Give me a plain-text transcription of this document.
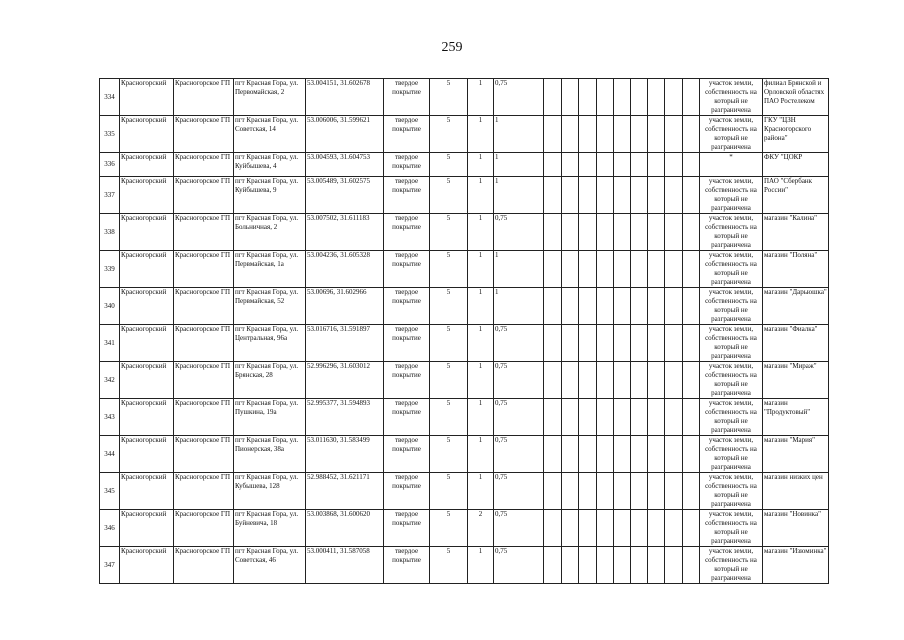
259
334	Красногорский	Красногорское ГП	пгт Красная Гора, ул. Первомайская, 2	53.004151, 31.602678	твердое покрытие	5	1	0,75										участок земли, собственность на который не разграничена	филиал Брянской и Орловской областях ПАО Ростелеком
335	Красногорский	Красногорское ГП	пгт Красная Гора, ул. Советская, 14	53.006006, 31.599621	твердое покрытие	5	1	1										участок земли, собственность на который не разграничена	ГКУ "ЦЗН Красногорского района"
336	Красногорский	Красногорское ГП	пгт Красная Гора, ул. Куйбышева, 4	53.004593, 31.604753	твердое покрытие	5	1	1										*	ФКУ "ЦОКР
337	Красногорский	Красногорское ГП	пгт Красная Гора, ул. Куйбышева, 9	53.005489, 31.602575	твердое покрытие	5	1	1										участок земли, собственность на который не разграничена	ПАО "Сбербанк России"
338	Красногорский	Красногорское ГП	пгт Красная Гора, ул. Больничная, 2	53.007502, 31.611183	твердое покрытие	5	1	0,75										участок земли, собственность на который не разграничена	магазин "Калина"
339	Красногорский	Красногорское ГП	пгт Красная Гора, ул. Первмайская, 1а	53.004236, 31.605328	твердое покрытие	5	1	1										участок земли, собственность на который не разграничена	магазин "Поляна"
340	Красногорский	Красногорское ГП	пгт Красная Гора, ул. Первмайская, 52	53.00696, 31.602966	твердое покрытие	5	1	1										участок земли, собственность на который не разграничена	магазин "Дарьюшка"
341	Красногорский	Красногорское ГП	пгт Красная Гора, ул. Центральная, 96а	53.016716, 31.591897	твердое покрытие	5	1	0,75										участок земли, собственность на который не разграничена	магазин "Фиалка"
342	Красногорский	Красногорское ГП	пгт Красная Гора, ул. Брянская, 28	52.996296, 31.603012	твердое покрытие	5	1	0,75										участок земли, собственность на который не разграничена	магазин "Мираж"
343	Красногорский	Красногорское ГП	пгт Красная Гора, ул. Пушкина, 19а	52.995377, 31.594893	твердое покрытие	5	1	0,75										участок земли, собственность на который не разграничена	магазин "Продуктовый"
344	Красногорский	Красногорское ГП	пгт Красная Гора, ул. Пионерская, 38а	53.011630, 31.583499	твердое покрытие	5	1	0,75										участок земли, собственность на который не разграничена	магазин "Мария"
345	Красногорский	Красногорское ГП	пгт Красная Гора, ул. Кубышева, 128	52.988452, 31.621171	твердое покрытие	5	1	0,75										участок земли, собственность на который не разграничена	магазин низких цен
346	Красногорский	Красногорское ГП	пгт Красная Гора, ул. Буйневича, 18	53.003868, 31.600620	твердое покрытие	5	2	0,75										участок земли, собственность на который не разграничена	магазин "Новинка"
347	Красногорский	Красногорское ГП	пгт Красная Гора, ул. Советская, 46	53.000411, 31.587058	твердое покрытие	5	1	0,75										участок земли, собственность на который не разграничена	магазин "Изюминка"
